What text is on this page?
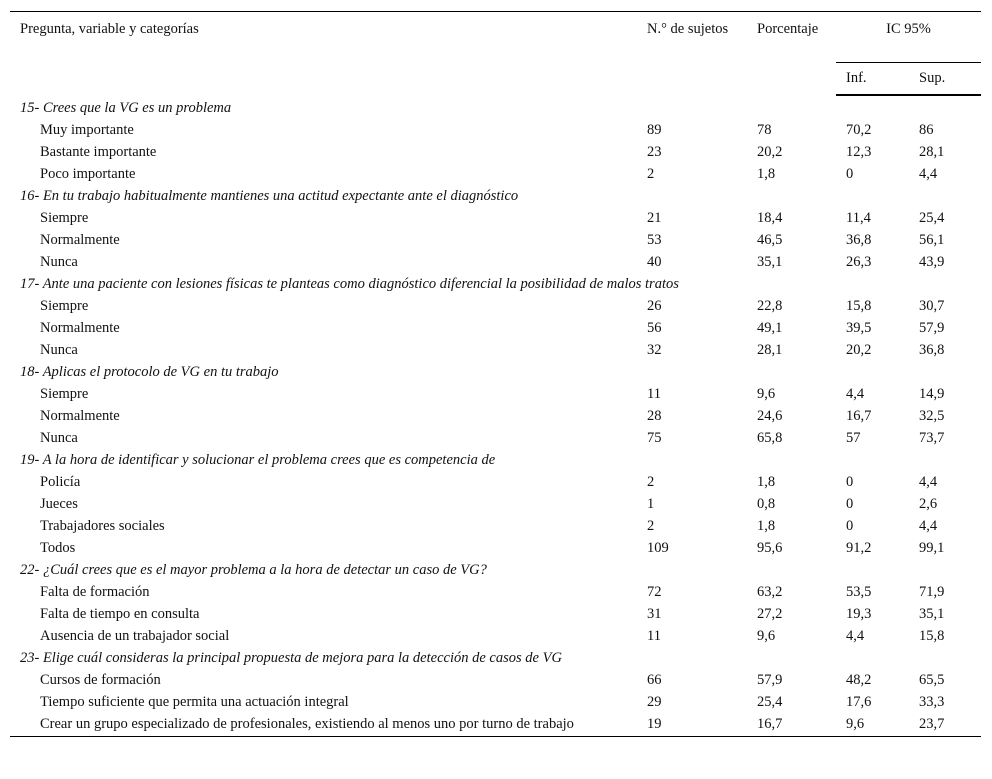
Pregunta, variable y categorías	N.° de sujetos	Porcentaje	IC 95%	
			Inf.	Sup.
15- Crees que la VG es un problema				
Muy importante	89	78	70,2	86
Bastante importante	23	20,2	12,3	28,1
Poco importante	2	1,8	0	4,4
16- En tu trabajo habitualmente mantienes una actitud expectante ante el diagnóstico				
Siempre	21	18,4	11,4	25,4
Normalmente	53	46,5	36,8	56,1
Nunca	40	35,1	26,3	43,9
17- Ante una paciente con lesiones físicas te planteas como diagnóstico diferencial la posibilidad de malos tratos				
Siempre	26	22,8	15,8	30,7
Normalmente	56	49,1	39,5	57,9
Nunca	32	28,1	20,2	36,8
18- Aplicas el protocolo de VG en tu trabajo				
Siempre	11	9,6	4,4	14,9
Normalmente	28	24,6	16,7	32,5
Nunca	75	65,8	57	73,7
19- A la hora de identificar y solucionar el problema crees que es competencia de				
Policía	2	1,8	0	4,4
Jueces	1	0,8	0	2,6
Trabajadores sociales	2	1,8	0	4,4
Todos	109	95,6	91,2	99,1
22- ¿Cuál crees que es el mayor problema a la hora de detectar un caso de VG?				
Falta de formación	72	63,2	53,5	71,9
Falta de tiempo en consulta	31	27,2	19,3	35,1
Ausencia de un trabajador social	11	9,6	4,4	15,8
23- Elige cuál consideras la principal propuesta de mejora para la detección de casos de VG				
Cursos de formación	66	57,9	48,2	65,5
Tiempo suficiente que permita una actuación integral	29	25,4	17,6	33,3
Crear un grupo especializado de profesionales, existiendo al menos uno por turno de trabajo	19	16,7	9,6	23,7
